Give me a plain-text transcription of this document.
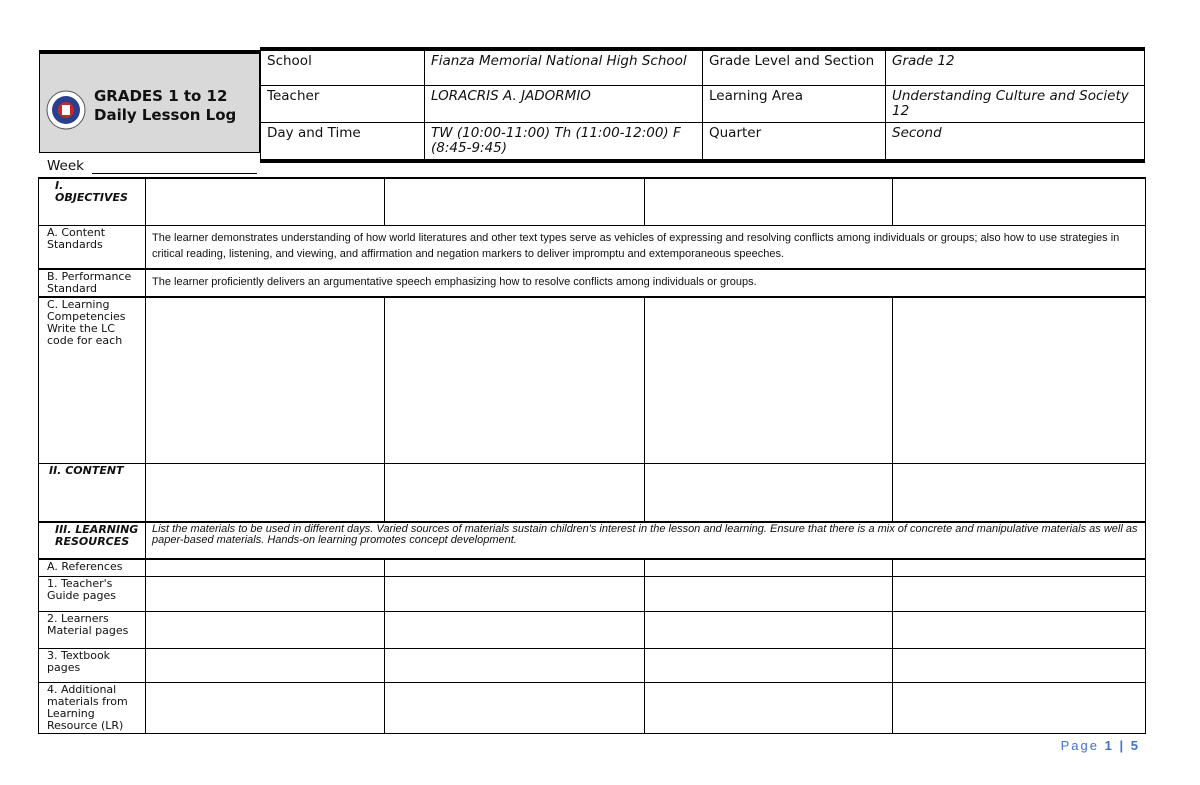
GRADES 1 to 12
Daily Lesson Log
School	Fianza Memorial National High School	Grade Level and Section	Grade 12
Teacher	LORACRIS A. JADORMIO	Learning Area	Understanding Culture and Society 12
Day and Time	TW (10:00-11:00) Th (11:00-12:00) F (8:45-9:45)	Quarter	Second
Week
I. OBJECTIVES				
A. Content Standards	The learner demonstrates understanding of how world literatures and other text types serve as vehicles of expressing and resolving conflicts among individuals or groups; also how to use strategies in critical reading, listening, and viewing, and affirmation and negation markers to deliver impromptu and extemporaneous speeches.			
B. Performance Standard	The learner proficiently delivers an argumentative speech emphasizing how to resolve conflicts among individuals or groups.			
C. Learning Competencies Write the LC code for each				
II. CONTENT				
III. LEARNING RESOURCES	List the materials to be used in different days. Varied sources of materials sustain children's interest in the lesson and learning. Ensure that there is a mix of concrete and manipulative materials as well as paper-based materials. Hands-on learning promotes concept development.			
A. References				
1. Teacher's Guide pages				
2. Learners Material pages				
3. Textbook pages				
4. Additional materials from Learning Resource (LR)				
Page 1 | 5
